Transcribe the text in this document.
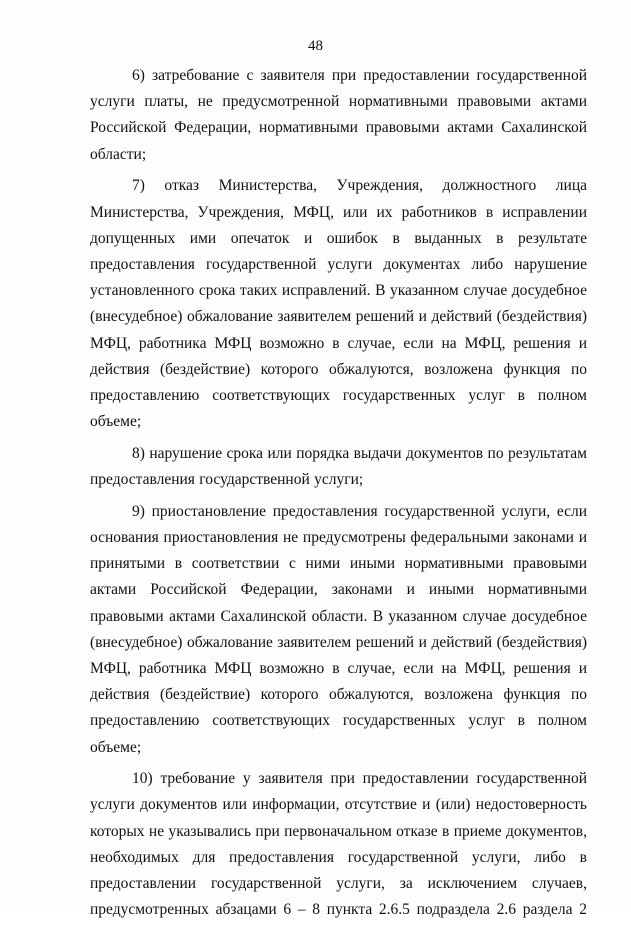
48

6) затребование с заявителя при предоставлении государственной услуги платы, не предусмотренной нормативными правовыми актами Российской Федерации, нормативными правовыми актами Сахалинской области;

7) отказ Министерства, Учреждения, должностного лица Министерства, Учреждения, МФЦ, или их работников в исправлении допущенных ими опечаток и ошибок в выданных в результате предоставления государственной услуги документах либо нарушение установленного срока таких исправлений. В указанном случае досудебное (внесудебное) обжалование заявителем решений и действий (бездействия) МФЦ, работника МФЦ возможно в случае, если на МФЦ, решения и действия (бездействие) которого обжалуются, возложена функция по предоставлению соответствующих государственных услуг в полном объеме;

8) нарушение срока или порядка выдачи документов по результатам предоставления государственной услуги;

9) приостановление предоставления государственной услуги, если основания приостановления не предусмотрены федеральными законами и принятыми в соответствии с ними иными нормативными правовыми актами Российской Федерации, законами и иными нормативными правовыми актами Сахалинской области. В указанном случае досудебное (внесудебное) обжалование заявителем решений и действий (бездействия) МФЦ, работника МФЦ возможно в случае, если на МФЦ, решения и действия (бездействие) которого обжалуются, возложена функция по предоставлению соответствующих государственных услуг в полном объеме;

10) требование у заявителя при предоставлении государственной услуги документов или информации, отсутствие и (или) недостоверность которых не указывались при первоначальном отказе в приеме документов, необходимых для предоставления государственной услуги, либо в предоставлении государственной услуги, за исключением случаев, предусмотренных абзацами 6 – 8 пункта 2.6.5 подраздела 2.6 раздела 2
